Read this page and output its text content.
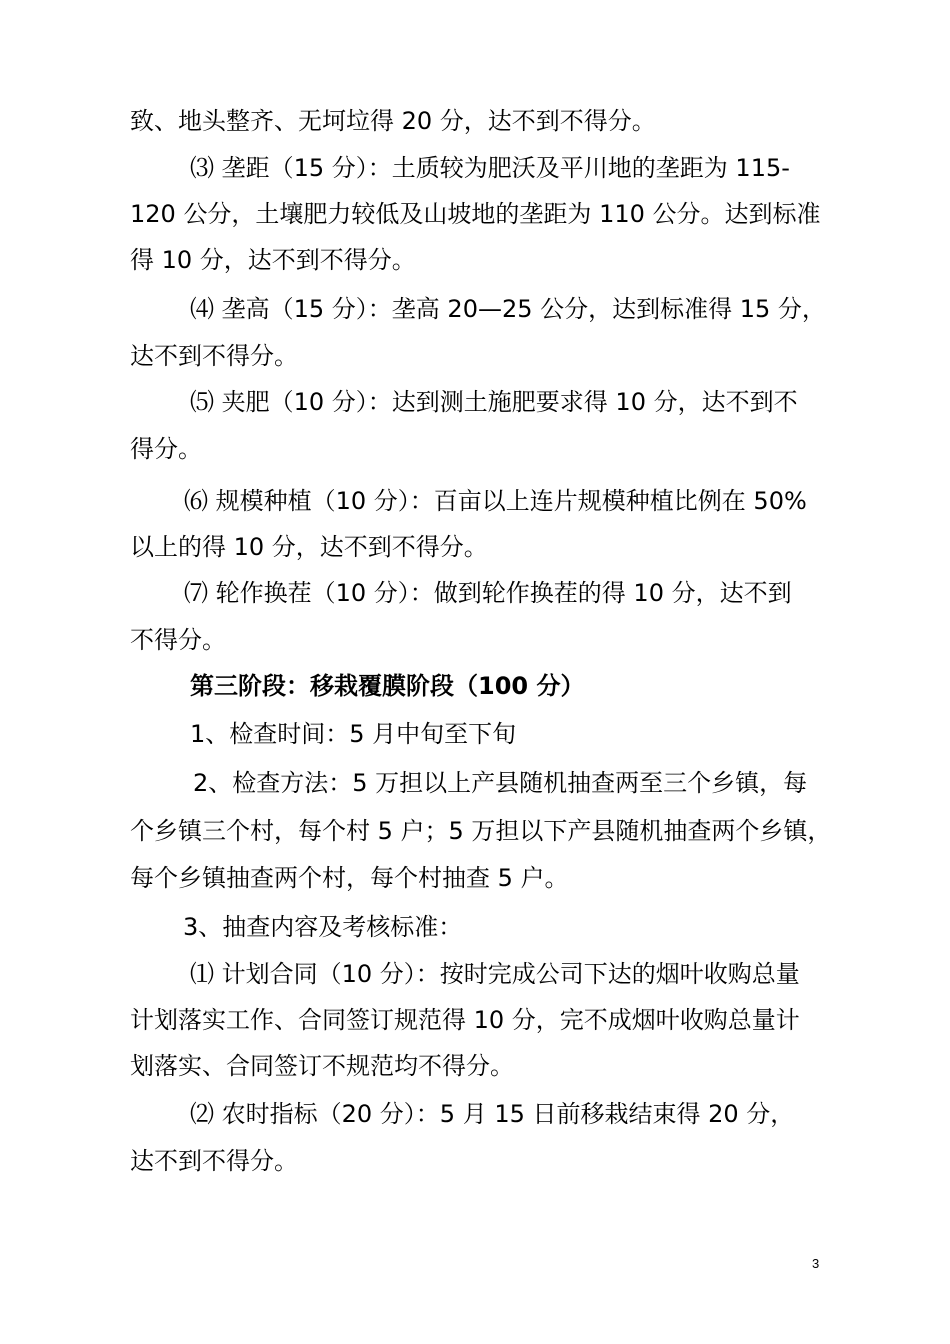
致、地头整齐、无坷垃得 20 分，达不到不得分。
⑶ 垄距（15 分）：土质较为肥沃及平川地的垄距为 115-
120 公分，土壤肥力较低及山坡地的垄距为 110 公分。达到标准
得 10 分，达不到不得分。
⑷ 垄高（15 分）：垄高 20—25 公分，达到标准得 15 分，
达不到不得分。
⑸ 夹肥（10 分）：达到测土施肥要求得 10 分，达不到不
得分。
⑹ 规模种植（10 分）：百亩以上连片规模种植比例在 50%
以上的得 10 分，达不到不得分。
⑺ 轮作换茬（10 分）：做到轮作换茬的得 10 分，达不到
不得分。
第三阶段：移栽覆膜阶段（100 分）
1、检查时间：5 月中旬至下旬
2、检查方法：5 万担以上产县随机抽查两至三个乡镇，每
个乡镇三个村，每个村 5 户；5 万担以下产县随机抽查两个乡镇，
每个乡镇抽查两个村，每个村抽查 5 户。
3、抽查内容及考核标准：
⑴ 计划合同（10 分）：按时完成公司下达的烟叶收购总量
计划落实工作、合同签订规范得 10 分，完不成烟叶收购总量计
划落实、合同签订不规范均不得分。
⑵ 农时指标（20 分）：5 月 15 日前移栽结束得 20 分，
达不到不得分。
3
